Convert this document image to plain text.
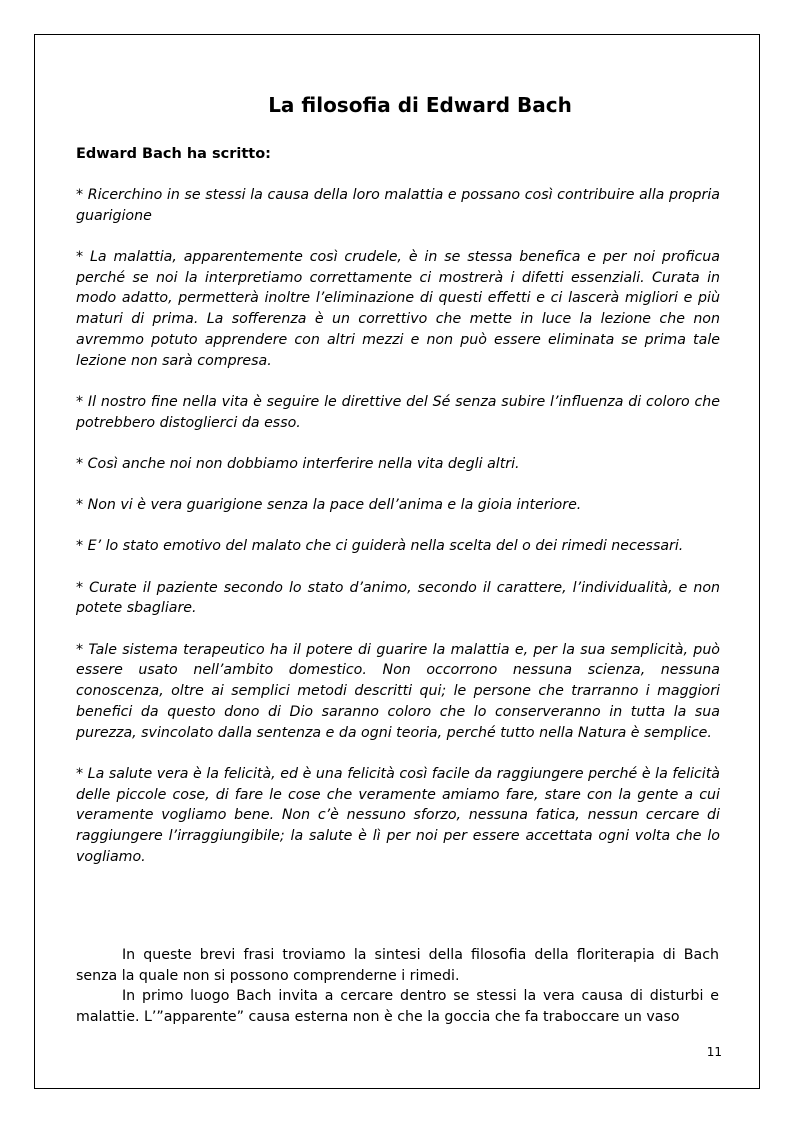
La filosofia di Edward Bach
Edward Bach ha scritto:

* Ricerchino in se stessi la causa della loro malattia e possano così contribuire alla propria guarigione

* La malattia, apparentemente così crudele, è in se stessa benefica e per noi proficua perché se noi la interpretiamo correttamente ci mostrerà i difetti essenziali. Curata in modo adatto, permetterà inoltre l’eliminazione di questi effetti e ci lascerà migliori e più maturi di prima. La sofferenza è un correttivo che mette in luce la lezione che non avremmo potuto apprendere con altri mezzi e non può essere eliminata se prima tale lezione non sarà compresa.

* Il nostro fine nella vita è seguire le direttive del Sé senza subire l’influenza di coloro che potrebbero distoglierci da esso.

* Così anche noi non dobbiamo interferire nella vita degli altri.

* Non vi è vera guarigione senza la pace dell’anima e la gioia interiore.

* E’ lo stato emotivo del malato che ci guiderà nella scelta del o dei rimedi necessari.

* Curate il paziente secondo lo stato d’animo, secondo il carattere, l’individualità, e non potete sbagliare.

* Tale sistema terapeutico ha il potere di guarire la malattia e, per la sua semplicità, può essere usato nell’ambito domestico. Non occorrono nessuna scienza, nessuna conoscenza, oltre ai semplici metodi descritti qui; le persone che trarranno i maggiori benefici da questo dono di Dio saranno coloro che lo conserveranno in tutta la sua purezza, svincolato dalla sentenza e da ogni teoria, perché tutto nella Natura è semplice.

* La salute vera è la felicità, ed è una felicità così facile da raggiungere perché è la felicità delle piccole cose, di fare le cose che veramente amiamo fare, stare con la gente a cui veramente vogliamo bene. Non c’è nessuno sforzo, nessuna fatica, nessun cercare di raggiungere l’irraggiungibile; la salute è lì per noi per essere accettata ogni volta che lo vogliamo.

In queste brevi frasi troviamo la sintesi della filosofia della floriterapia di Bach senza la quale non si possono comprenderne i rimedi.

In primo luogo Bach invita a cercare dentro se stessi la vera causa di disturbi e malattie. L’”apparente” causa esterna non è che la goccia che fa traboccare un vaso

11
